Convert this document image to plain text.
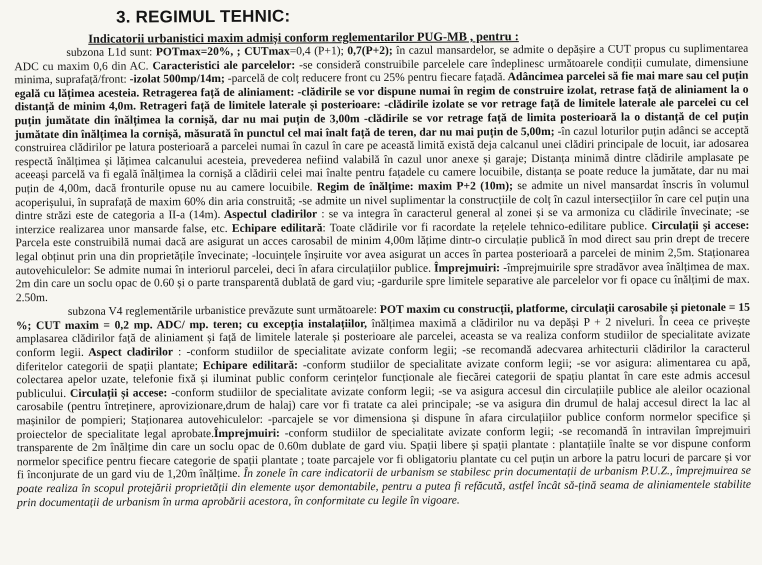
3. REGIMUL TEHNIC:
Indicatorii urbanistici maxim admiși conform reglementarilor PUG-MB , pentru :

subzona L1d sunt: POTmax=20%, ; CUTmax=0,4 (P+1); 0,7(P+2); în cazul mansardelor, se admite o depășire a CUT propus cu suplimentarea ADC cu maxim 0,6 din AC. Caracteristici ale parcelelor: -se consideră construibile parcelele care îndeplinesc următoarele condiții cumulate, dimensiune minima, suprafață/front: -izolat 500mp/14m; -parcelă de colț reducere front cu 25% pentru fiecare fațadă. Adâncimea parcelei să fie mai mare sau cel puțin egală cu lățimea acesteia. Retragerea față de aliniament: -clădirile se vor dispune numai în regim de construire izolat, retrase față de aliniament la o distanță de minim 4,0m. Retrageri față de limitele laterale și posterioare: -clădirile izolate se vor retrage față de limitele laterale ale parcelei cu cel puțin jumătate din înălțimea la cornișă, dar nu mai puțin de 3,00m -clădirile se vor retrage față de limita posterioară la o distanță de cel puțin jumătate din înălțimea la cornișă, măsurată în punctul cel mai înalt față de teren, dar nu mai puțin de 5,00m; -în cazul loturilor puțin adânci se acceptă construirea clădirilor pe latura posterioară a parcelei numai în cazul în care pe această limită există deja calcanul unei clădiri principale de locuit, iar adosarea respectă înălțimea și lățimea calcanului acesteia, prevederea nefiind valabilă în cazul unor anexe și garaje; Distanța minimă dintre clădirile amplasate pe aceeași parcelă va fi egală înălțimea la cornișă a clădirii celei mai înalte pentru fațadele cu camere locuibile, distanța se poate reduce la jumătate, dar nu mai puțin de 4,00m, dacă fronturile opuse nu au camere locuibile. Regim de înălțime: maxim P+2 (10m); se admite un nivel mansardat înscris în volumul acoperișului, în suprafață de maxim 60% din aria construită; -se admite un nivel suplimentar la construcțiile de colț în cazul intersecțiilor în care cel puțin una dintre străzi este de categoria a II-a (14m). Aspectul cladirilor : se va integra în caracterul general al zonei și se va armoniza cu clădirile învecinate; -se interzice realizarea unor mansarde false, etc. Echipare edilitară: Toate clădirile vor fi racordate la rețelele tehnico-edilitare publice. Circulații și accese: Parcela este construibilă numai dacă are asigurat un acces carosabil de minim 4,00m lățime dintr-o circulație publică în mod direct sau prin drept de trecere legal obținut prin una din proprietățile învecinate; -locuințele înșiruite vor avea asigurat un acces în partea posterioară a parcelei de minim 2,5m. Staționarea autovehiculelor: Se admite numai în interiorul parcelei, deci în afara circulațiilor publice. Împrejmuiri: -împrejmuirile spre stradăvor avea înălțimea de max. 2m din care un soclu opac de 0.60 și o parte transparentă dublată de gard viu; -gardurile spre limitele separative ale parcelelor vor fi opace cu înălțimi de max. 2.50m.

subzona V4 reglementările urbanistice prevăzute sunt următoarele: POT maxim cu construcții, platforme, circulații carosabile și pietonale = 15 %; CUT maxim = 0,2 mp. ADC/ mp. teren; cu excepția instalațiilor, înălțimea maximă a clădirilor nu va depăși P + 2 niveluri. În ceea ce privește amplasarea clădirilor față de aliniament și față de limitele laterale și posterioare ale parcelei, aceasta se va realiza conform studiilor de specialitate avizate conform legii. Aspect cladirilor : -conform studiilor de specialitate avizate conform legii; -se recomandă adecvarea arhitecturii clădirilor la caracterul diferitelor categorii de spații plantate; Echipare edilitară: -conform studiilor de specialitate avizate conform legii; -se vor asigura: alimentarea cu apă, colectarea apelor uzate, telefonie fixă și iluminat public conform cerințelor funcționale ale fiecărei categorii de spațiu plantat în care este admis accesul publicului. Circulații și accese: -conform studiilor de specialitate avizate conform legii; -se va asigura accesul din circulațiile publice ale aleilor ocazional carosabile (pentru întreținere, aprovizionare,drum de halaj) care vor fi tratate ca alei principale; -se va asigura din drumul de halaj accesul direct la lac al mașinilor de pompieri; Staționarea autovehiculelor: -parcajele se vor dimensiona și dispune în afara circulațiilor publice conform normelor specifice și proiectelor de specialitate legal aprobate.Împrejmuiri: -conform studiilor de specialitate avizate conform legii; -se recomandă în intravilan împrejmuiri transparente de 2m înălțime din care un soclu opac de 0.60m dublate de gard viu. Spații libere și spații plantate : plantațiile înalte se vor dispune conform normelor specifice pentru fiecare categorie de spații plantate ; toate parcajele vor fi obligatoriu plantate cu cel puțin un arbore la patru locuri de parcare și vor fi înconjurate de un gard viu de 1,20m înălțime. În zonele în care indicatorii de urbanism se stabilesc prin documentații de urbanism P.U.Z., împrejmuirea se poate realiza în scopul protejării proprietății din elemente ușor demontabile, pentru a putea fi refăcută, astfel încât să-țină seama de aliniamentele stabilite prin documentații de urbanism în urma aprobării acestora, în conformitate cu legile în vigoare.
